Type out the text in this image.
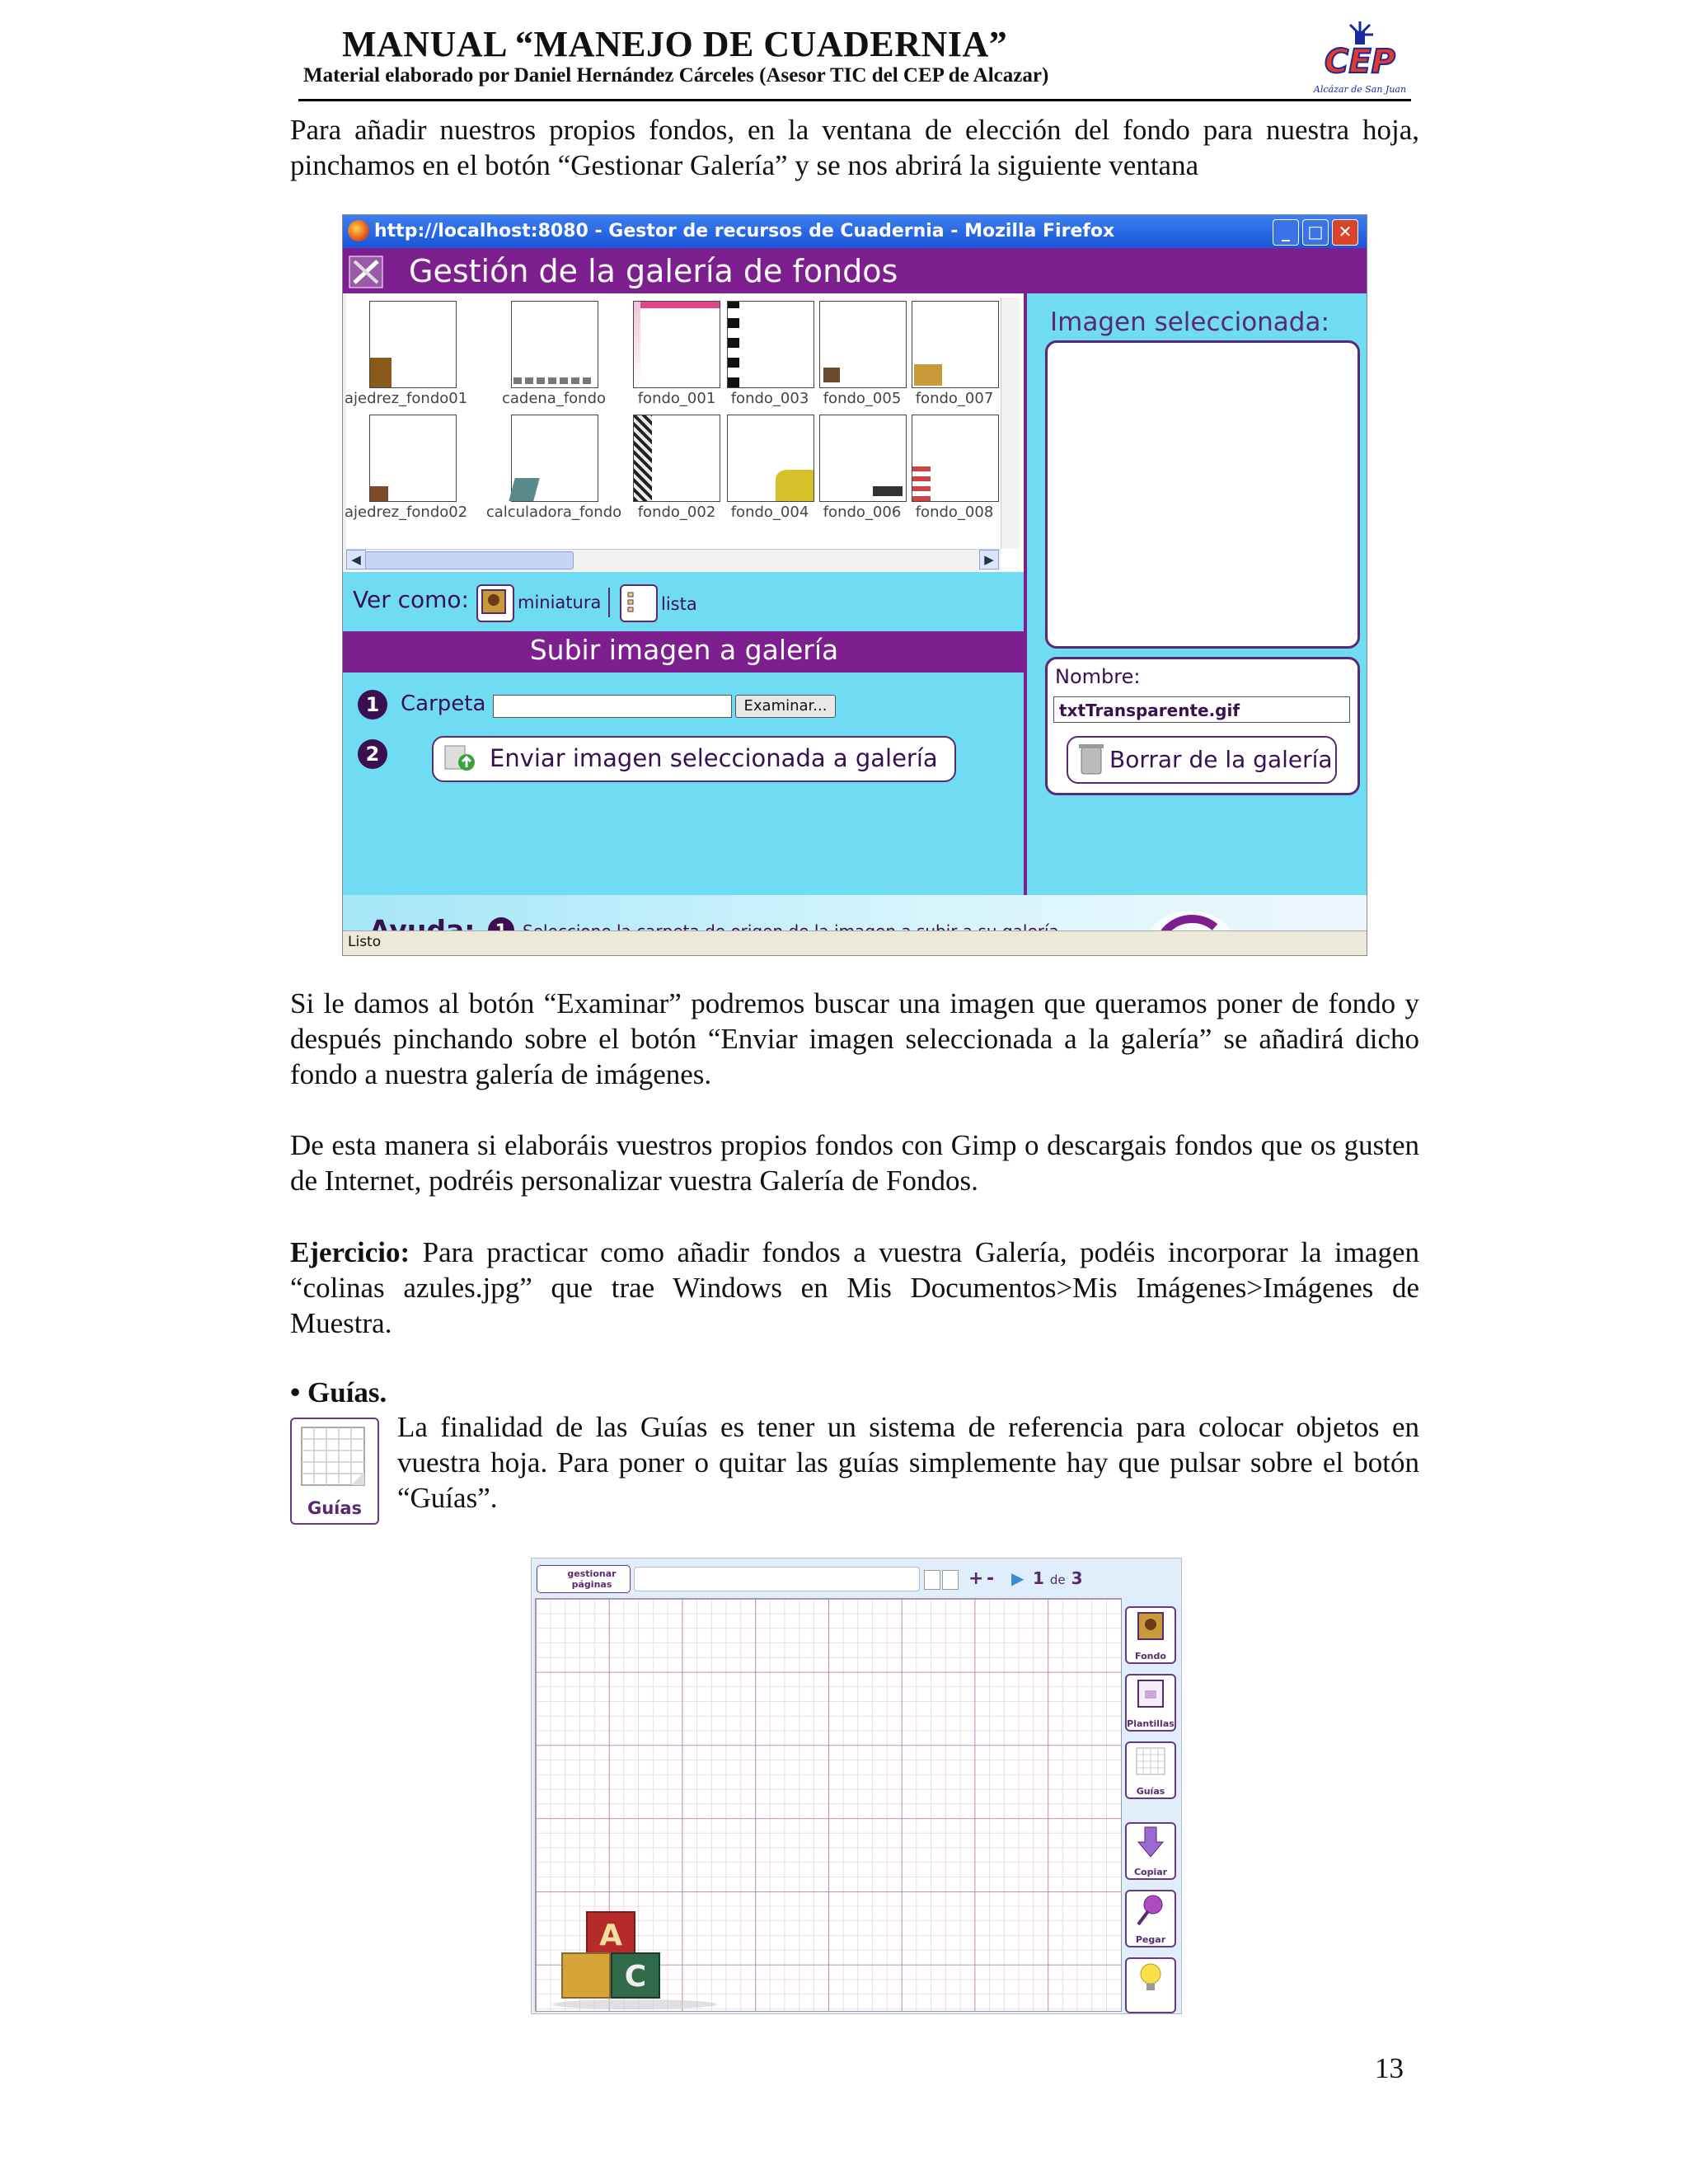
MANUAL “MANEJO DE CUADERNIA”
Material elaborado por Daniel Hernández Cárceles (Asesor TIC del CEP de Alcazar)	CEP
Alcázar de San Juan
Para añadir nuestros propios fondos, en la ventana de elección del fondo para nuestra hoja, pinchamos en el botón “Gestionar Galería” y se nos abrirá la siguiente ventana
http://localhost:8080 - Gestor de recursos de Cuadernia - Mozilla Firefox	_	□ ✕
Gestión de la galería de fondos
ajedrez_fondo01 cadena_fondo	fondo_001	fondo_003 fondo_005 fondo_007
ajedrez_fondo02	calculadora_fondo	fondo_002	fondo_004 fondo_006 fondo_008
◀	▶
Ver como:	miniatura	lista
Subir imagen a galería
1 Carpeta	Examinar...
2	Enviar imagen seleccionada a galería
Imagen seleccionada:
Nombre:
txtTransparente.gif
Borrar de la galería
Listo
Si le damos al botón “Examinar” podremos buscar una imagen que queramos poner de fondo y después pinchando sobre el botón “Enviar imagen seleccionada a la galería” se añadirá dicho fondo a nuestra galería de imágenes.
De esta manera si elaboráis vuestros propios fondos con Gimp o descargais fondos que os gusten de Internet, podréis personalizar vuestra Galería de Fondos.
Ejercicio: Para practicar como añadir fondos a vuestra Galería, podéis incorporar la imagen “colinas azules.jpg” que trae Windows en Mis Documentos>Mis Imágenes>Imágenes de Muestra.
• Guías.
Guías
La finalidad de las Guías es tener un sistema de referencia para colocar objetos en vuestra hoja. Para poner o quitar las guías simplemente hay que pulsar sobre el botón “Guías”.
gestionar páginas	+ - ▶ 1 de 3
A
C
Fondo
Plantillas
Guías
Copiar
Pegar
13
